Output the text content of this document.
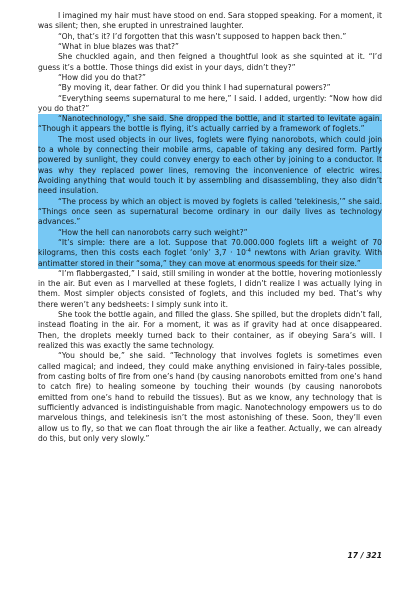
I imagined my hair must have stood on end. Sara stopped speaking. For a moment, it was silent; then, she erupted in unrestrained laughter.

“Oh, that’s it? I’d forgotten that this wasn’t supposed to happen back then.”

“What in blue blazes was that?”

She chuckled again, and then feigned a thoughtful look as she squinted at it. “I’d guess it’s a bottle. Those things did exist in your days, didn’t they?”

“How did you do that?”

“By moving it, dear father. Or did you think I had supernatural powers?”

“Everything seems supernatural to me here,” I said. I added, urgently: “Now how did you do that?”

“Nanotechnology,” she said. She dropped the bottle, and it started to levitate again. “Though it appears the bottle is flying, it’s actually carried by a framework of foglets.”

The most used objects in our lives, foglets were flying nanorobots, which could join to a whole by connecting their mobile arms, capable of taking any desired form. Partly powered by sunlight, they could convey energy to each other by joining to a conductor. It was why they replaced power lines, removing the inconvenience of electric wires. Avoiding anything that would touch it by assembling and disassembling, they also didn’t need insulation.

“The process by which an object is moved by foglets is called ‘telekinesis,’” she said. “Things once seen as supernatural become ordinary in our daily lives as technology advances.”

“How the hell can nanorobots carry such weight?”

“It’s simple: there are a lot. Suppose that 70.000.000 foglets lift a weight of 70 kilograms, then this costs each foglet ‘only’ $3,7 \cdot 10^{-4}$ newtons with Arian gravity. With antimatter stored in their “soma,” they can move at enormous speeds for their size.”

“I’m flabbergasted,” I said, still smiling in wonder at the bottle, hovering motionlessly in the air. But even as I marvelled at these foglets, I didn’t realize I was actually lying in them. Most simpler objects consisted of foglets, and this included my bed. That’s why there weren’t any bedsheets: I simply sunk into it.

She took the bottle again, and filled the glass. She spilled, but the droplets didn’t fall, instead floating in the air. For a moment, it was as if gravity had at once disappeared. Then, the droplets meekly turned back to their container, as if obeying Sara’s will. I realized this was exactly the same technology.

“You should be,” she said. “Technology that involves foglets is sometimes even called magical; and indeed, they could make anything envisioned in fairy-tales possible, from casting bolts of fire from one’s hand (by causing nanorobots emitted from one’s hand to catch fire) to healing someone by touching their wounds (by causing nanorobots emitted from one’s hand to rebuild the tissues). But as we know, any technology that is sufficiently advanced is indistinguishable from magic. Nanotechnology empowers us to do marvelous things, and telekinesis isn’t the most astonishing of these. Soon, they’ll even allow us to fly, so that we can float through the air like a feather. Actually, we can already do this, but only very slowly.”

17 / 321
